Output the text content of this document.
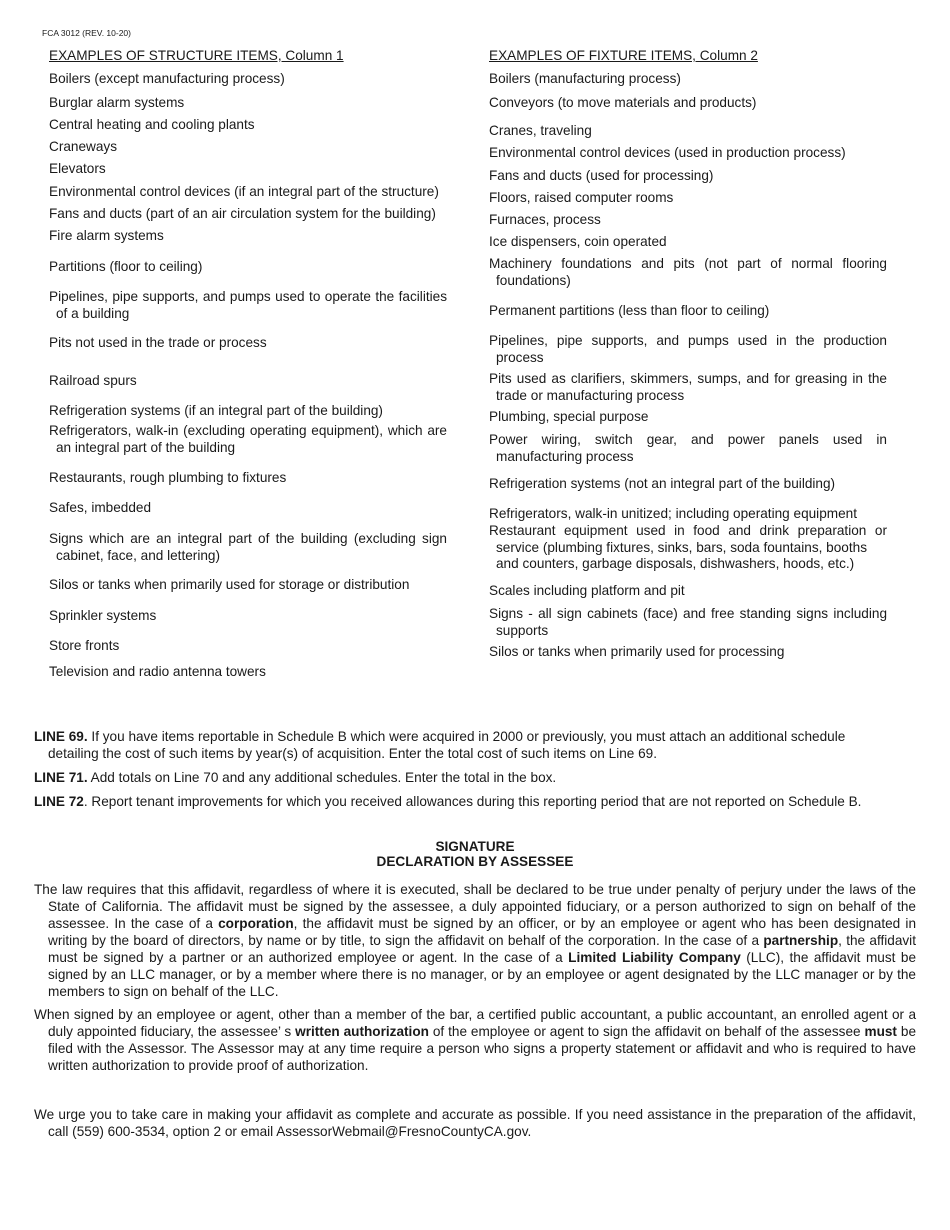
FCA 3012 (REV. 10-20)
EXAMPLES OF STRUCTURE ITEMS, Column 1
Boilers (except manufacturing process)
Burglar alarm systems
Central heating and cooling plants
Craneways
Elevators
Environmental control devices (if an integral part of the structure)
Fans and ducts (part of an air circulation system for the building)
Fire alarm systems
Partitions (floor to ceiling)
Pipelines, pipe supports, and pumps used to operate the facilities
of a building
Pits not used in the trade or process
Railroad spurs
Refrigeration systems (if an integral part of the building)
Refrigerators, walk-in (excluding operating equipment), which are
an integral part of the building
Restaurants, rough plumbing to fixtures
Safes, imbedded
Signs which are an integral part of the building (excluding sign
cabinet, face, and lettering)
Silos or tanks when primarily used for storage or distribution
Sprinkler systems
Store fronts
Television and radio antenna towers
EXAMPLES OF FIXTURE ITEMS, Column 2
Boilers (manufacturing process)
Conveyors (to move materials and products)
Cranes, traveling
Environmental control devices (used in production process)
Fans and ducts (used for processing)
Floors, raised computer rooms
Furnaces, process
Ice dispensers, coin operated
Machinery foundations and pits (not part of normal flooring
foundations)
Permanent partitions (less than floor to ceiling)
Pipelines, pipe supports, and pumps used in the production
process
Pits used as clarifiers, skimmers, sumps, and for greasing in the
trade or manufacturing process
Plumbing, special purpose
Power wiring, switch gear, and power panels used in
manufacturing process
Refrigeration systems (not an integral part of the building)
Refrigerators, walk-in unitized; including operating equipment
Restaurant equipment used in food and drink preparation or
service (plumbing fixtures, sinks, bars, soda fountains, booths
and counters, garbage disposals, dishwashers, hoods, etc.)
Scales including platform and pit
Signs - all sign cabinets (face) and free standing signs including
supports
Silos or tanks when primarily used for processing

LINE 69. If you have items reportable in Schedule B which were acquired in 2000 or previously, you must attach an additional schedule detailing the cost of such items by year(s) of acquisition. Enter the total cost of such items on Line 69.

LINE 71. Add totals on Line 70 and any additional schedules. Enter the total in the box.

LINE 72. Report tenant improvements for which you received allowances during this reporting period that are not reported on Schedule B.

SIGNATURE
DECLARATION BY ASSESSEE
The law requires that this affidavit, regardless of where it is executed, shall be declared to be true under penalty of perjury under the laws of the State of California. The affidavit must be signed by the assessee, a duly appointed fiduciary, or a person authorized to sign on behalf of the assessee. In the case of a corporation, the affidavit must be signed by an officer, or by an employee or agent who has been designated in writing by the board of directors, by name or by title, to sign the affidavit on behalf of the corporation. In the case of a partnership, the affidavit must be signed by a partner or an authorized employee or agent. In the case of a Limited Liability Company (LLC), the affidavit must be signed by an LLC manager, or by a member where there is no manager, or by an employee or agent designated by the LLC manager or by the members to sign on behalf of the LLC.
When signed by an employee or agent, other than a member of the bar, a certified public accountant, a public accountant, an enrolled agent or a duly appointed fiduciary, the assessee’ s written authorization of the employee or agent to sign the affidavit on behalf of the assessee must be filed with the Assessor. The Assessor may at any time require a person who signs a property statement or affidavit and who is required to have written authorization to provide proof of authorization.
We urge you to take care in making your affidavit as complete and accurate as possible. If you need assistance in the preparation of the affidavit, call (559) 600-3534, option 2 or email AssessorWebmail@FresnoCountyCA.gov.
